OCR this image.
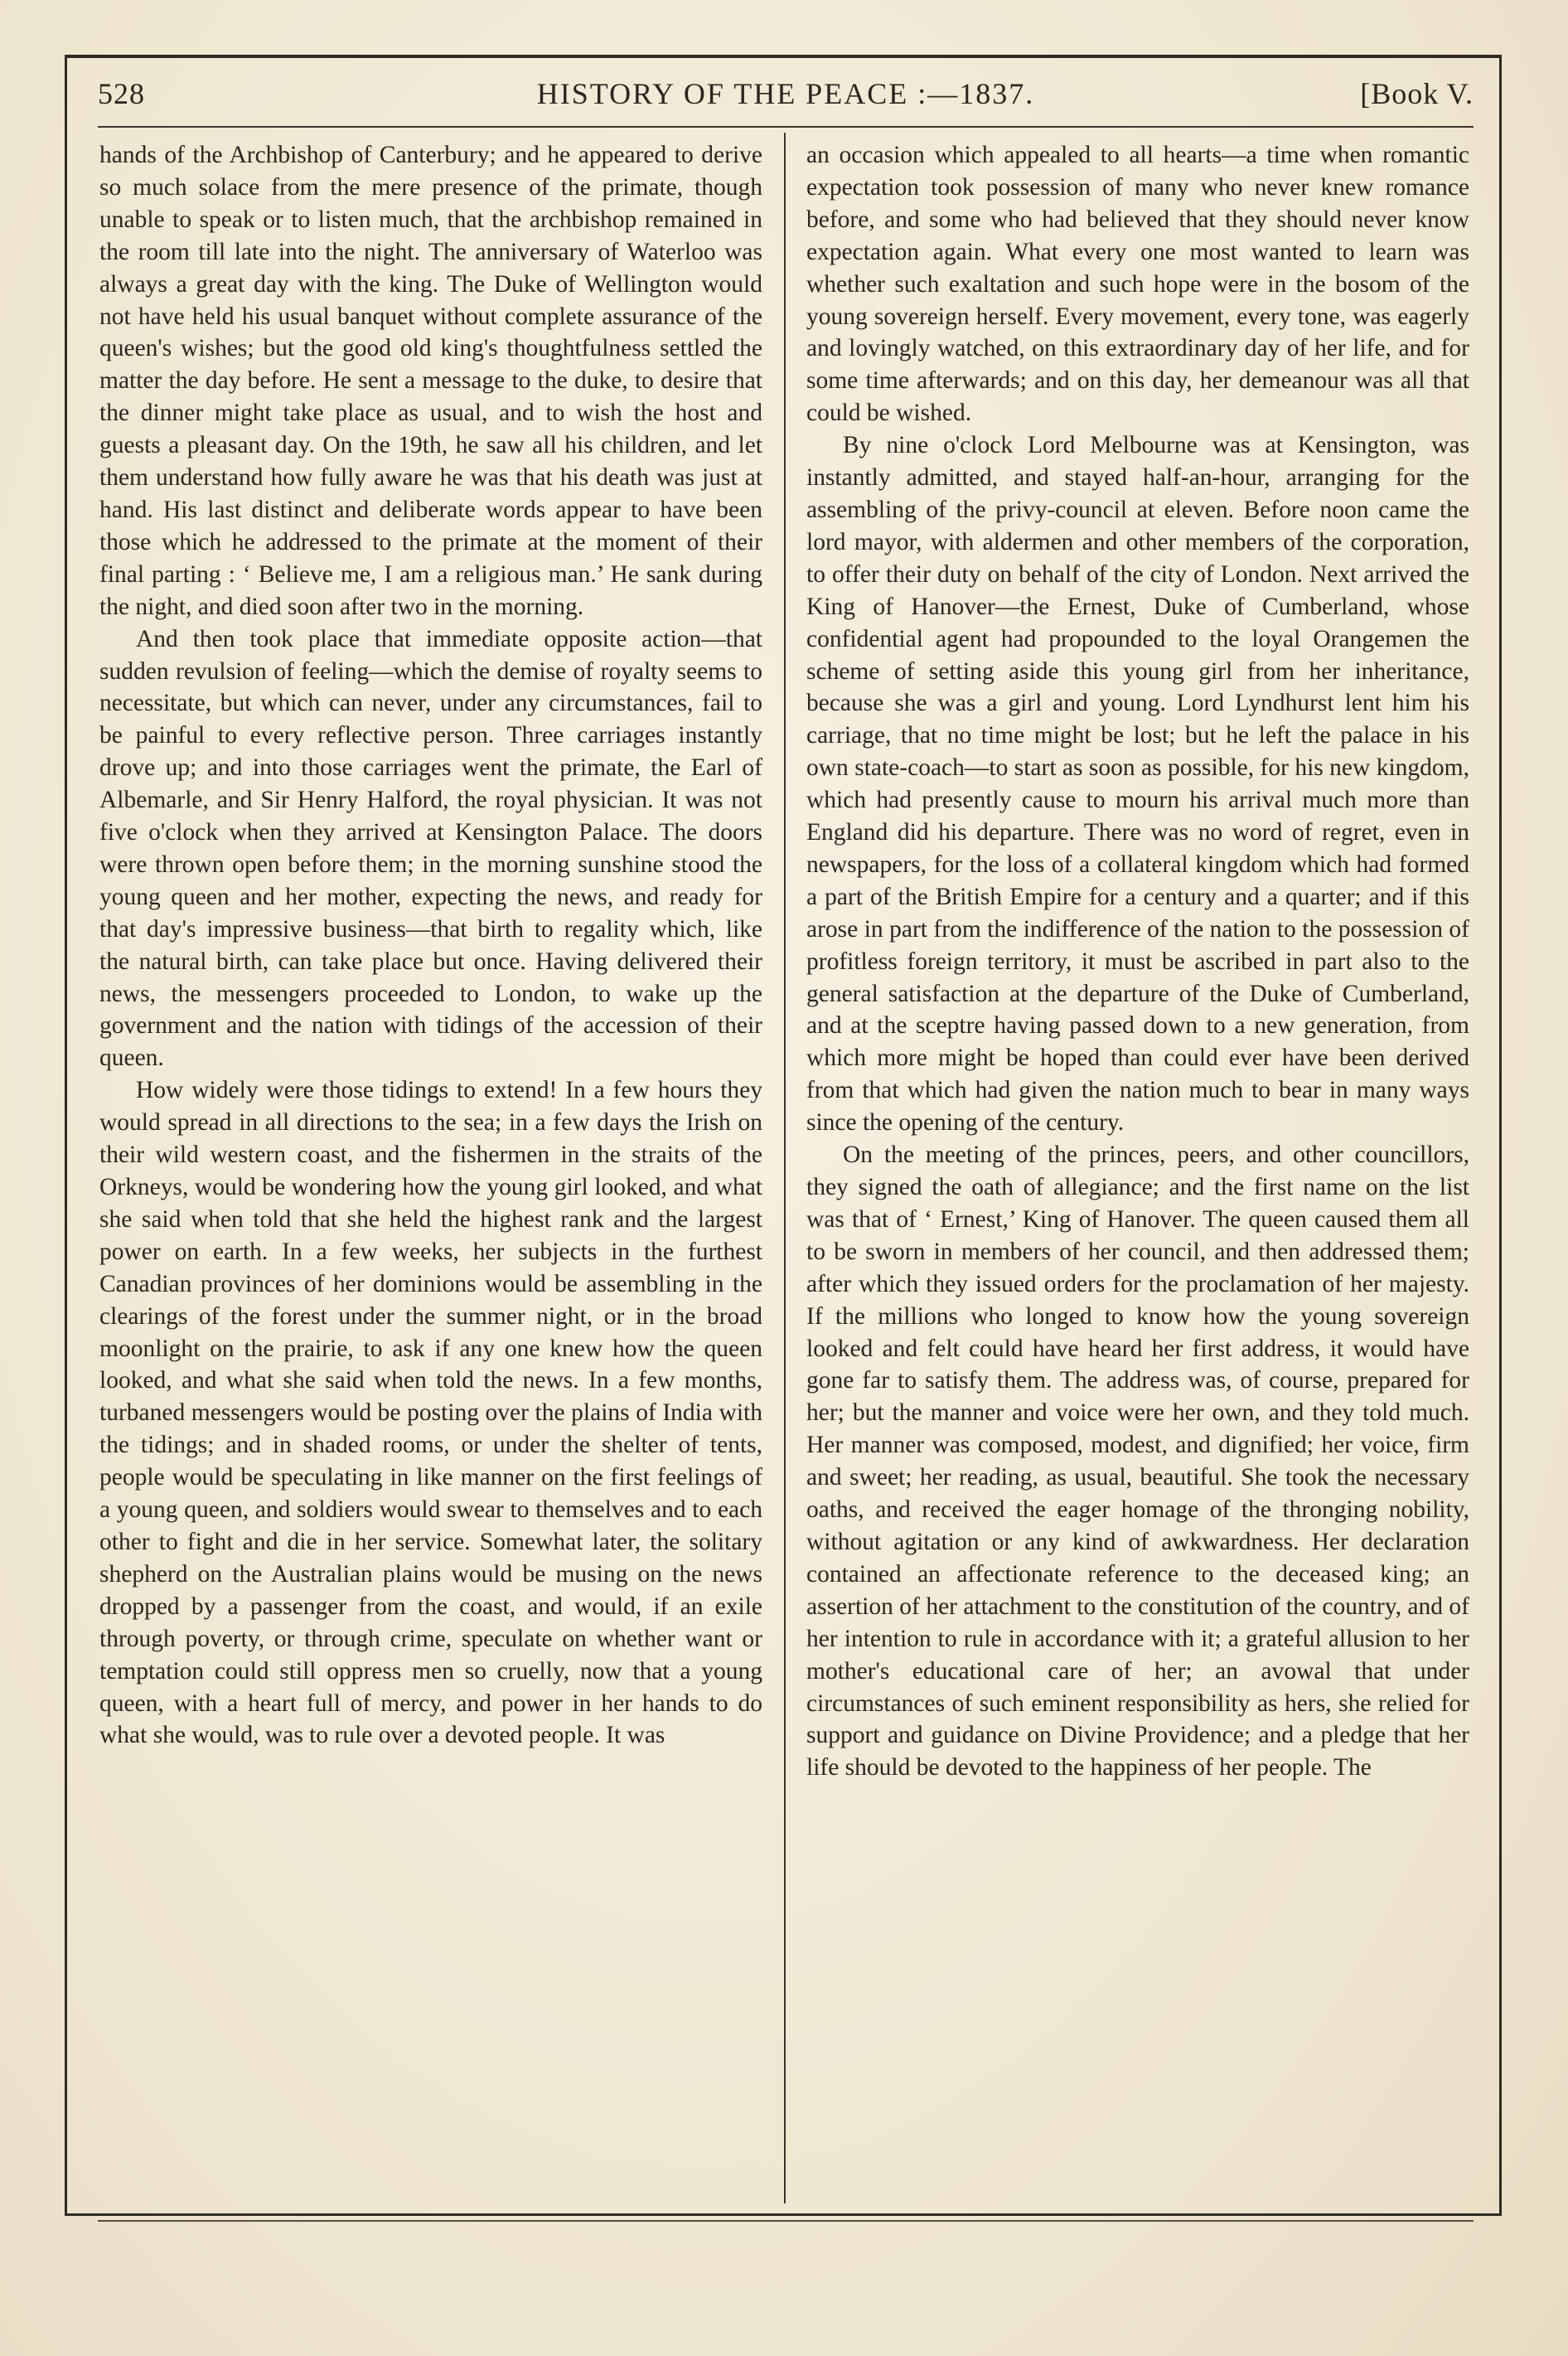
528	HISTORY OF THE PEACE :—1837.	[Book V.

hands of the Archbishop of Canterbury; and he appeared to derive so much solace from the mere presence of the primate, though unable to speak or to listen much, that the archbishop remained in the room till late into the night. The anniversary of Waterloo was always a great day with the king. The Duke of Wellington would not have held his usual banquet without complete assurance of the queen's wishes; but the good old king's thoughtfulness settled the matter the day before. He sent a message to the duke, to desire that the dinner might take place as usual, and to wish the host and guests a pleasant day. On the 19th, he saw all his children, and let them understand how fully aware he was that his death was just at hand. His last distinct and deliberate words appear to have been those which he addressed to the primate at the moment of their final parting : ‘ Believe me, I am a religious man.’ He sank during the night, and died soon after two in the morning.

And then took place that immediate opposite action—that sudden revulsion of feeling—which the demise of royalty seems to necessitate, but which can never, under any circumstances, fail to be painful to every reflective person. Three carriages instantly drove up; and into those carriages went the primate, the Earl of Albemarle, and Sir Henry Halford, the royal physician. It was not five o'clock when they arrived at Kensington Palace. The doors were thrown open before them; in the morning sunshine stood the young queen and her mother, expecting the news, and ready for that day's impressive business—that birth to regality which, like the natural birth, can take place but once. Having delivered their news, the messengers proceeded to London, to wake up the government and the nation with tidings of the accession of their queen.

How widely were those tidings to extend! In a few hours they would spread in all directions to the sea; in a few days the Irish on their wild western coast, and the fishermen in the straits of the Orkneys, would be wondering how the young girl looked, and what she said when told that she held the highest rank and the largest power on earth. In a few weeks, her subjects in the furthest Canadian provinces of her dominions would be assembling in the clearings of the forest under the summer night, or in the broad moonlight on the prairie, to ask if any one knew how the queen looked, and what she said when told the news. In a few months, turbaned messengers would be posting over the plains of India with the tidings; and in shaded rooms, or under the shelter of tents, people would be speculating in like manner on the first feelings of a young queen, and soldiers would swear to themselves and to each other to fight and die in her service. Somewhat later, the solitary shepherd on the Australian plains would be musing on the news dropped by a passenger from the coast, and would, if an exile through poverty, or through crime, speculate on whether want or temptation could still oppress men so cruelly, now that a young queen, with a heart full of mercy, and power in her hands to do what she would, was to rule over a devoted people. It was

an occasion which appealed to all hearts—a time when romantic expectation took possession of many who never knew romance before, and some who had believed that they should never know expectation again. What every one most wanted to learn was whether such exaltation and such hope were in the bosom of the young sovereign herself. Every movement, every tone, was eagerly and lovingly watched, on this extraordinary day of her life, and for some time afterwards; and on this day, her demeanour was all that could be wished.

By nine o'clock Lord Melbourne was at Kensington, was instantly admitted, and stayed half-an-hour, arranging for the assembling of the privy-council at eleven. Before noon came the lord mayor, with aldermen and other members of the corporation, to offer their duty on behalf of the city of London. Next arrived the King of Hanover—the Ernest, Duke of Cumberland, whose confidential agent had propounded to the loyal Orangemen the scheme of setting aside this young girl from her inheritance, because she was a girl and young. Lord Lyndhurst lent him his carriage, that no time might be lost; but he left the palace in his own state-coach—to start as soon as possible, for his new kingdom, which had presently cause to mourn his arrival much more than England did his departure. There was no word of regret, even in newspapers, for the loss of a collateral kingdom which had formed a part of the British Empire for a century and a quarter; and if this arose in part from the indifference of the nation to the possession of profitless foreign territory, it must be ascribed in part also to the general satisfaction at the departure of the Duke of Cumberland, and at the sceptre having passed down to a new generation, from which more might be hoped than could ever have been derived from that which had given the nation much to bear in many ways since the opening of the century.

On the meeting of the princes, peers, and other councillors, they signed the oath of allegiance; and the first name on the list was that of ‘ Ernest,’ King of Hanover. The queen caused them all to be sworn in members of her council, and then addressed them; after which they issued orders for the proclamation of her majesty. If the millions who longed to know how the young sovereign looked and felt could have heard her first address, it would have gone far to satisfy them. The address was, of course, prepared for her; but the manner and voice were her own, and they told much. Her manner was composed, modest, and dignified; her voice, firm and sweet; her reading, as usual, beautiful. She took the necessary oaths, and received the eager homage of the thronging nobility, without agitation or any kind of awkwardness. Her declaration contained an affectionate reference to the deceased king; an assertion of her attachment to the constitution of the country, and of her intention to rule in accordance with it; a grateful allusion to her mother's educational care of her; an avowal that under circumstances of such eminent responsibility as hers, she relied for support and guidance on Divine Providence; and a pledge that her life should be devoted to the happiness of her people. The
